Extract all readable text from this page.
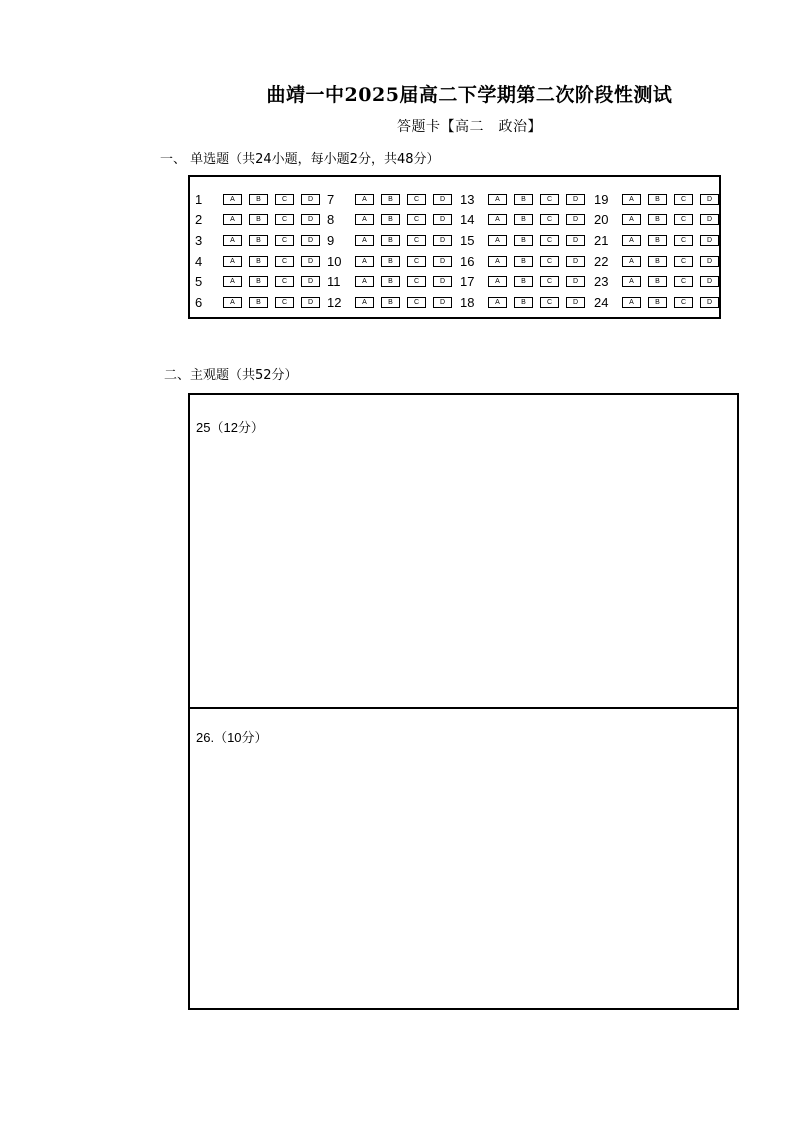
曲靖一中2025届高二下学期第二次阶段性测试
答题卡【高二　政治】
一、 单选题（共24小题，每小题2分，共48分）
1	A	B	C	D
2	A	B	C	D
3	A	B	C	D
4	A	B	C	D
5	A	B	C	D
6	A	B	C	D
7	A	B	C	D
8	A	B	C	D
9	A	B	C	D
10	A	B	C	D
11	A	B	C	D
12	A	B	C	D
13	A	B	C	D
14	A	B	C	D
15	A	B	C	D
16	A	B	C	D
17	A	B	C	D
18	A	B	C	D
19	A	B	C	D
20	A	B	C	D
21	A	B	C	D
22	A	B	C	D
23	A	B	C	D
24	A	B	C	D
二、主观题（共52分）
25（12分）
26.（10分）
